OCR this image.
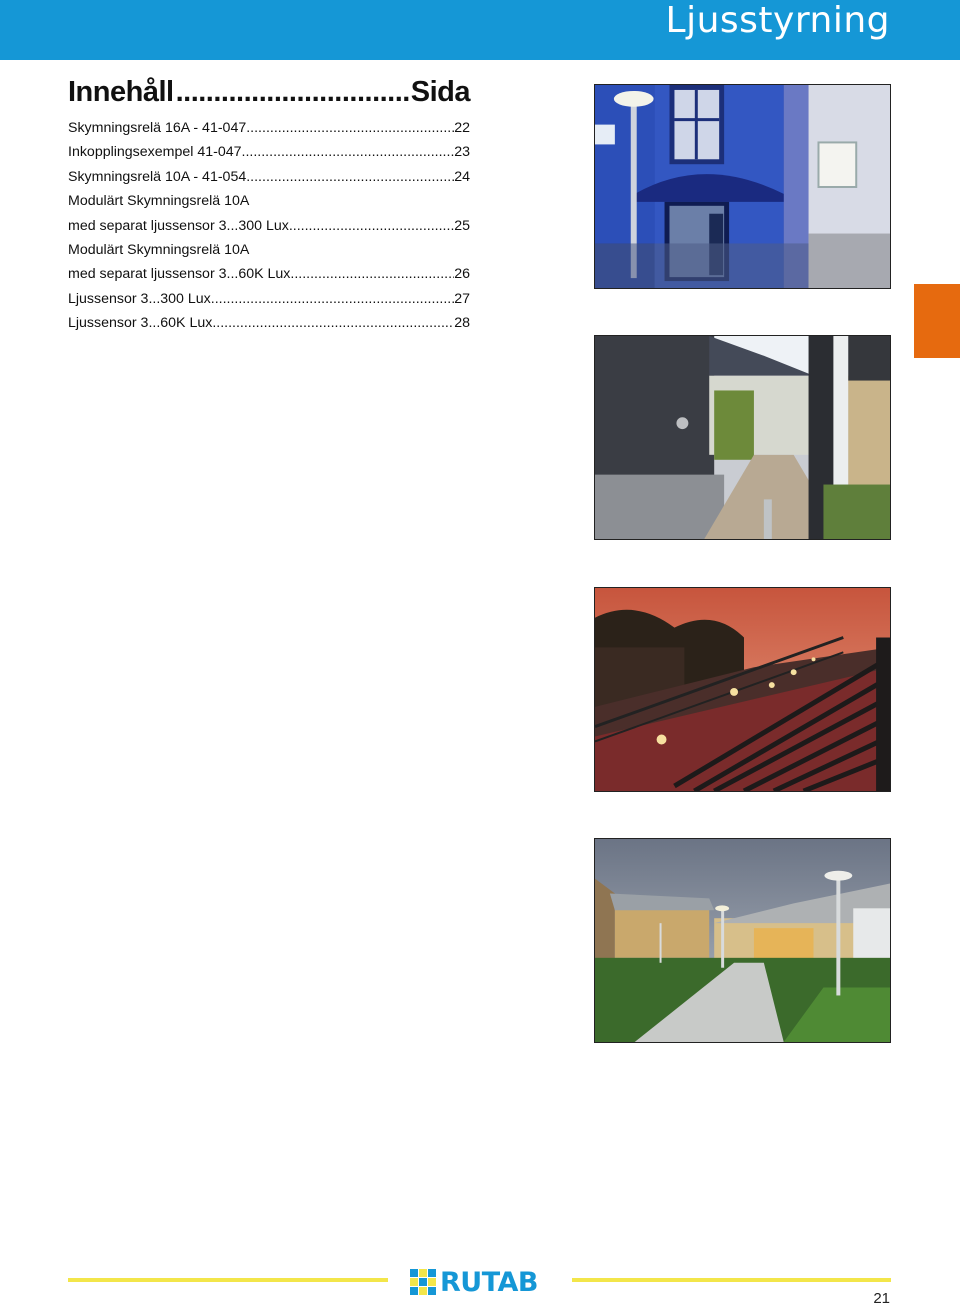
Ljusstyrning
Innehåll .....	Sida
Skymningsrelä 16A - 41-047 .....	22
Inkopplingsexempel 41-047 .....	23
Skymningsrelä 10A - 41-054 .....	24
Modulärt Skymningsrelä 10A
med separat ljussensor 3...300 Lux .....	25
Modulärt Skymningsrelä 10A
med separat ljussensor 3...60K Lux .....	26
Ljussensor 3...300 Lux .....	27
Ljussensor 3...60K Lux .....	28
RUTAB
21
